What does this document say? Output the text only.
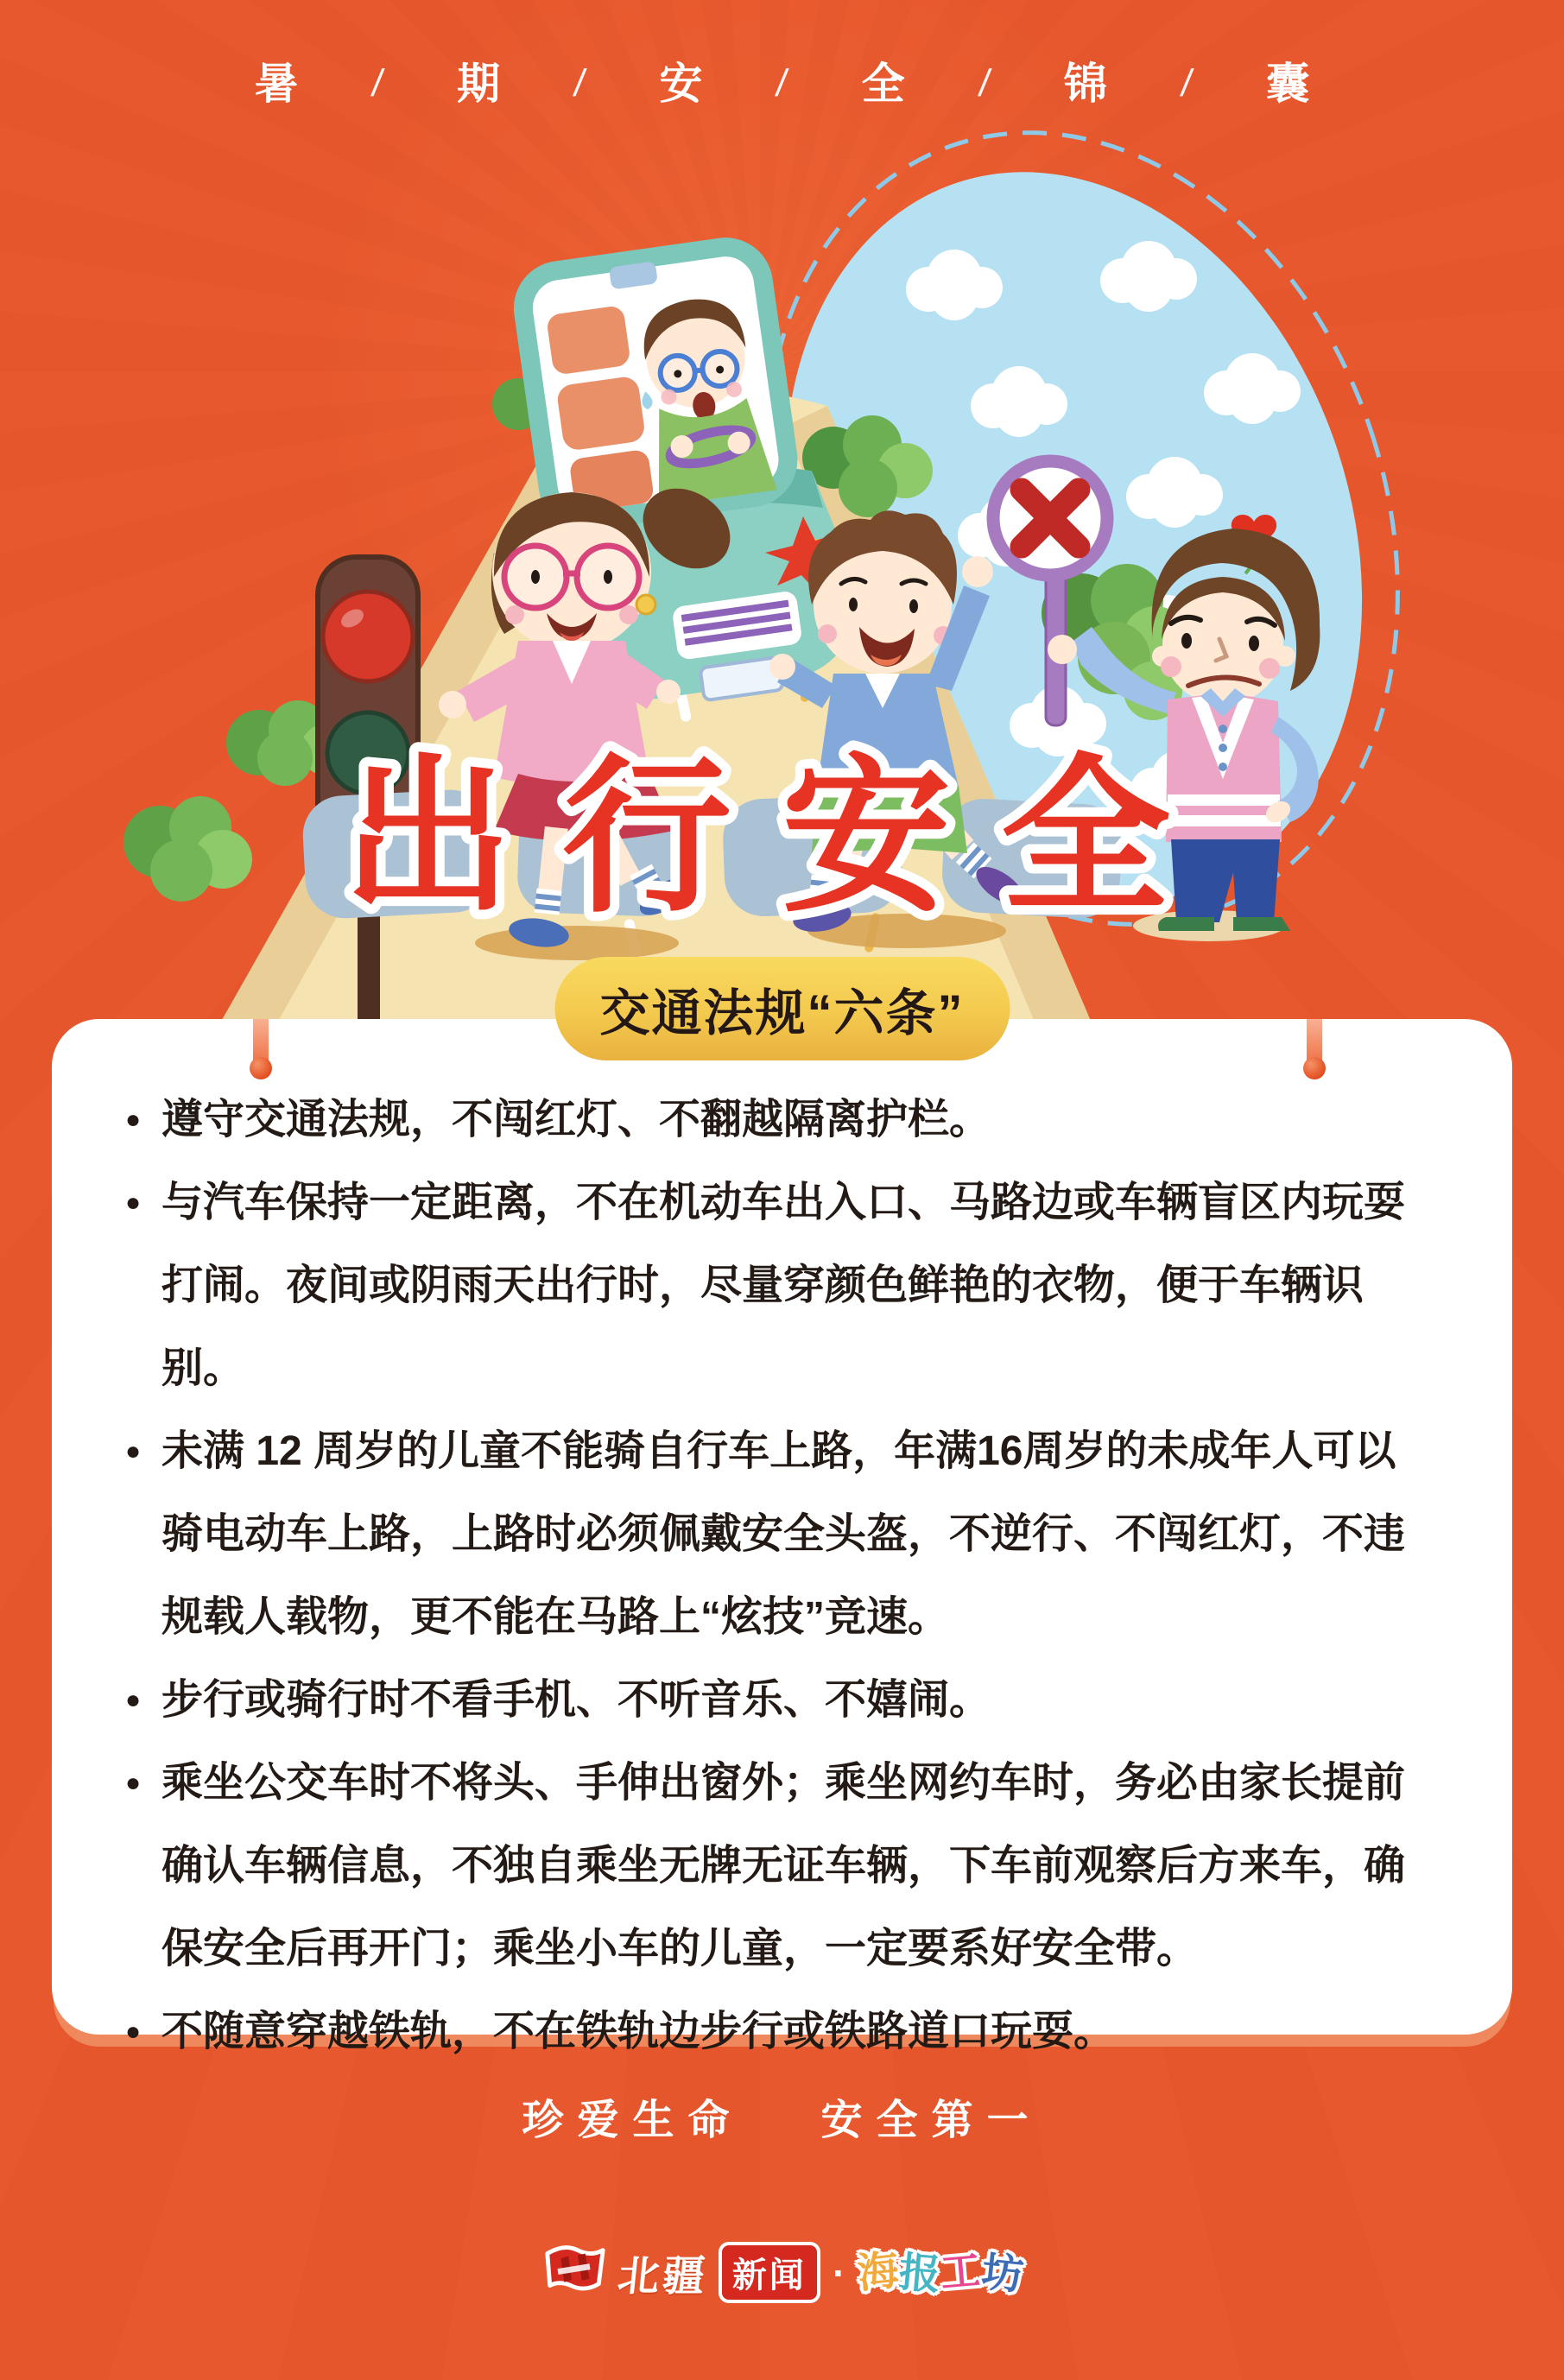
暑 / 期 / 安 / 全 / 锦 / 囊
出行安全
交通法规“六条”
● 遵守交通法规，不闯红灯、不翻越隔离护栏。
● 与汽车保持一定距离，不在机动车出入口、马路边或车辆盲区内玩耍打闹。夜间或阴雨天出行时，尽量穿颜色鲜艳的衣物，便于车辆识别。
● 未满 12 周岁的儿童不能骑自行车上路，年满16周岁的未成年人可以骑电动车上路，上路时必须佩戴安全头盔，不逆行、不闯红灯，不违规载人载物，更不能在马路上“炫技”竞速。
● 步行或骑行时不看手机、不听音乐、不嬉闹。
● 乘坐公交车时不将头、手伸出窗外；乘坐网约车时，务必由家长提前确认车辆信息，不独自乘坐无牌无证车辆，下车前观察后方来车，确保安全后再开门；乘坐小车的儿童，一定要系好安全带。
● 不随意穿越铁轨，不在铁轨边步行或铁路道口玩耍。
珍爱生命 安全第一
北疆 新闻 · 海
报
工
坊
